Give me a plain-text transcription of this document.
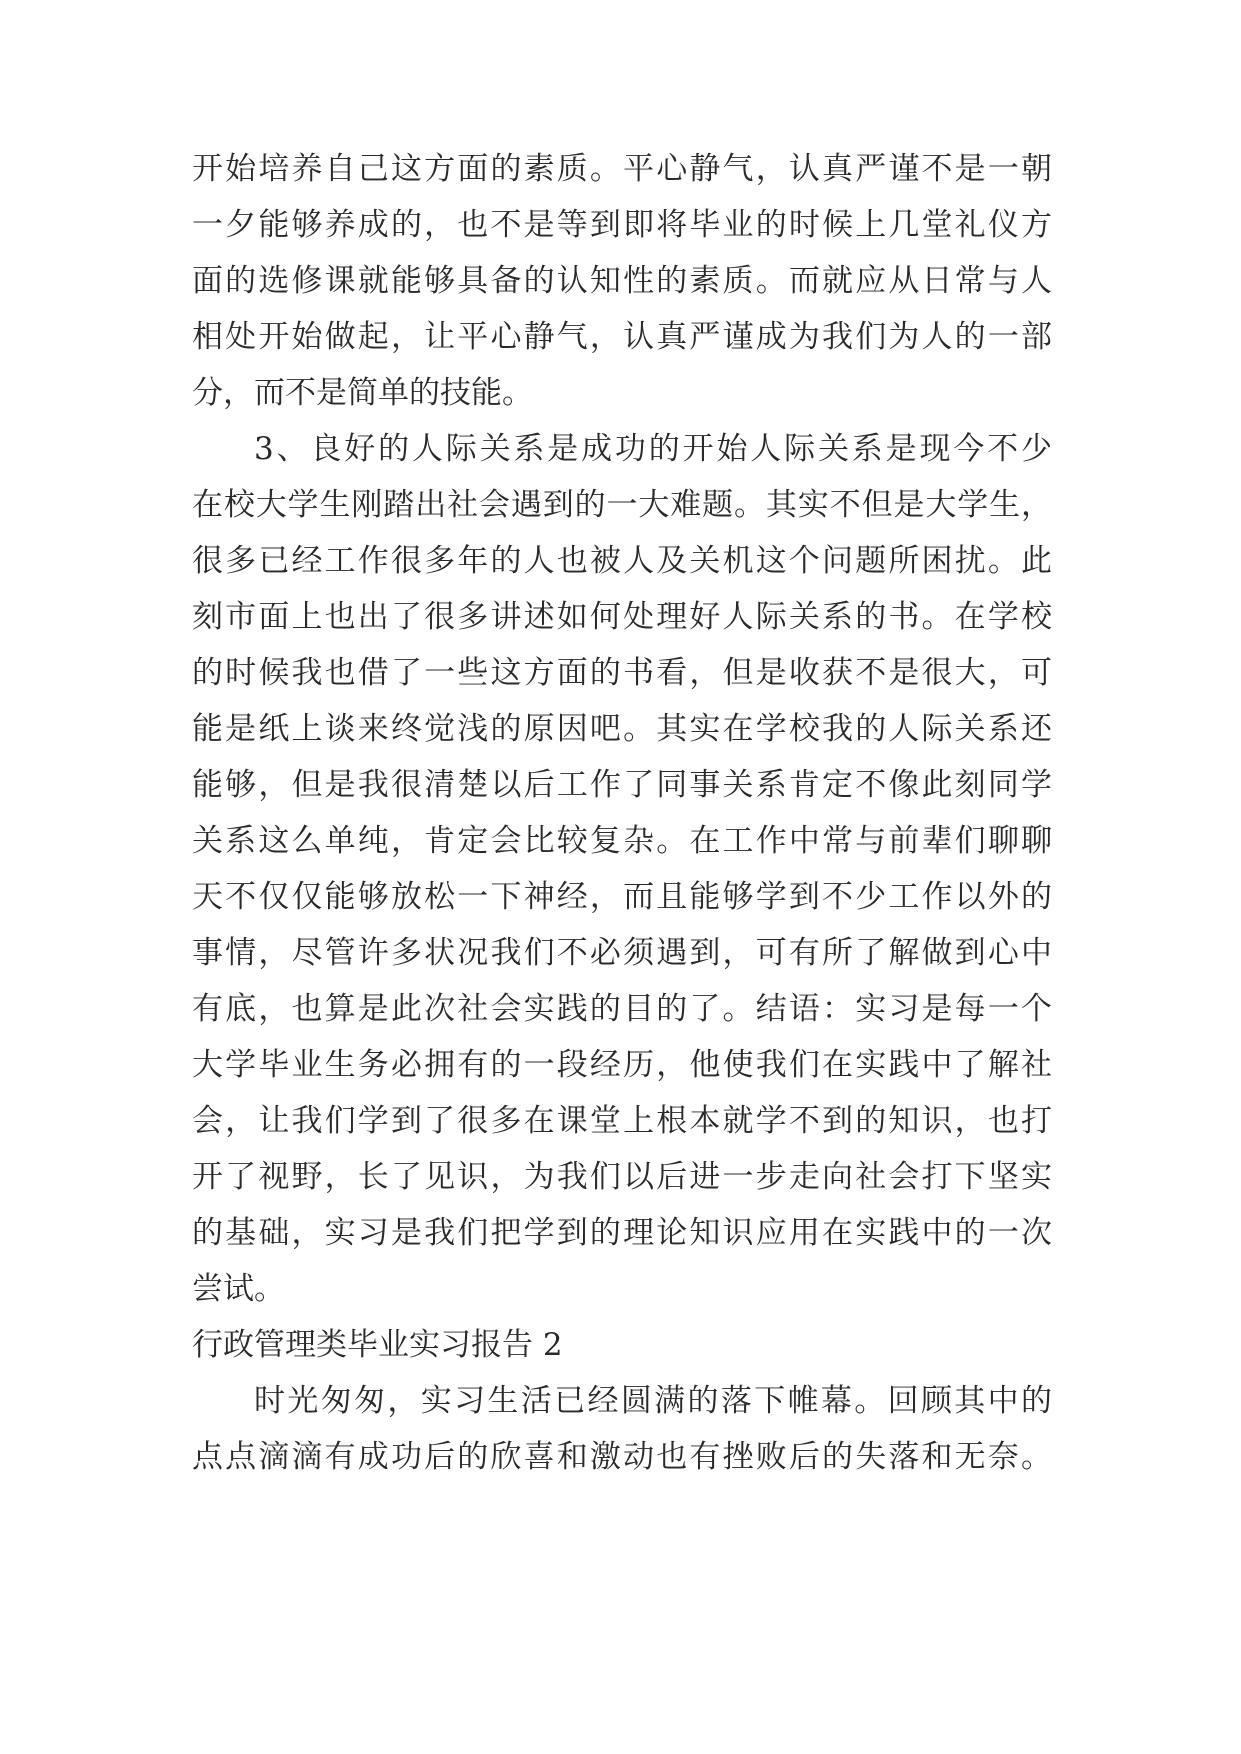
开始培养自己这方面的素质。平心静气，认真严谨不是一朝
一夕能够养成的，也不是等到即将毕业的时候上几堂礼仪方
面的选修课就能够具备的认知性的素质。而就应从日常与人
相处开始做起，让平心静气，认真严谨成为我们为人的一部
分，而不是简单的技能。
3、良好的人际关系是成功的开始人际关系是现今不少
在校大学生刚踏出社会遇到的一大难题。其实不但是大学生，
很多已经工作很多年的人也被人及关机这个问题所困扰。此
刻市面上也出了很多讲述如何处理好人际关系的书。在学校
的时候我也借了一些这方面的书看，但是收获不是很大，可
能是纸上谈来终觉浅的原因吧。其实在学校我的人际关系还
能够，但是我很清楚以后工作了同事关系肯定不像此刻同学
关系这么单纯，肯定会比较复杂。在工作中常与前辈们聊聊
天不仅仅能够放松一下神经，而且能够学到不少工作以外的
事情，尽管许多状况我们不必须遇到，可有所了解做到心中
有底，也算是此次社会实践的目的了。结语：实习是每一个
大学毕业生务必拥有的一段经历，他使我们在实践中了解社
会，让我们学到了很多在课堂上根本就学不到的知识，也打
开了视野，长了见识，为我们以后进一步走向社会打下坚实
的基础，实习是我们把学到的理论知识应用在实践中的一次
尝试。
行政管理类毕业实习报告 2
时光匆匆，实习生活已经圆满的落下帷幕。回顾其中的
点点滴滴有成功后的欣喜和激动也有挫败后的失落和无奈。
